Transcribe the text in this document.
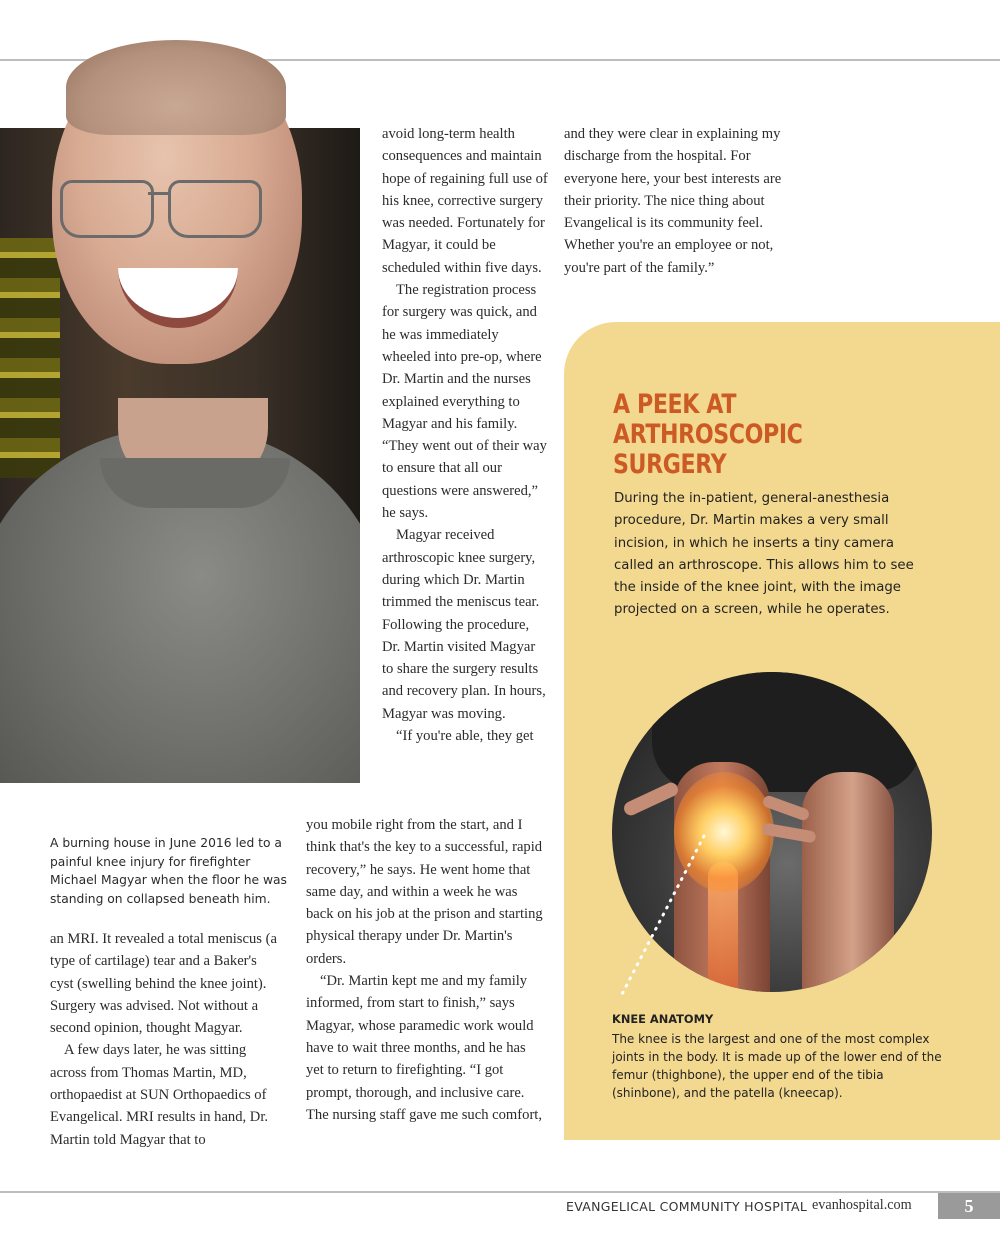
A burning house in June 2016 led to a painful knee injury for firefighter Michael Magyar when the floor he was standing on collapsed beneath him.

an MRI. It revealed a total meniscus (a type of cartilage) tear and a Baker's cyst (swelling behind the knee joint). Surgery was advised. Not without a second opinion, thought Magyar.

A few days later, he was sitting across from Thomas Martin, MD, orthopaedist at SUN Orthopaedics of Evangelical. MRI results in hand, Dr. Martin told Magyar that to

avoid long-term health consequences and maintain hope of regaining full use of his knee, corrective surgery was needed. Fortunately for Magyar, it could be scheduled within five days.

The registration process for surgery was quick, and he was immediately wheeled into pre-op, where Dr. Martin and the nurses explained everything to Magyar and his family. “They went out of their way to ensure that all our questions were answered,” he says.

Magyar received arthroscopic knee surgery, during which Dr. Martin trimmed the meniscus tear. Following the procedure, Dr. Martin visited Magyar to share the surgery results and recovery plan. In hours, Magyar was moving.

“If you're able, they get

you mobile right from the start, and I think that's the key to a successful, rapid recovery,” he says. He went home that same day, and within a week he was back on his job at the prison and starting physical therapy under Dr. Martin's orders.

“Dr. Martin kept me and my family informed, from start to finish,” says Magyar, whose paramedic work would have to wait three months, and he has yet to return to firefighting. “I got prompt, thorough, and inclusive care. The nursing staff gave me such comfort,

and they were clear in explaining my discharge from the hospital. For everyone here, your best interests are their priority. The nice thing about Evangelical is its community feel. Whether you're an employee or not, you're part of the family.”

A PEEK AT ARTHROSCOPIC SURGERY
During the in-patient, general-anesthesia procedure, Dr. Martin makes a very small incision, in which he inserts a tiny camera called an arthroscope. This allows him to see the inside of the knee joint, with the image projected on a screen, while he operates.
KNEE ANATOMY
The knee is the largest and one of the most complex joints in the body. It is made up of the lower end of the femur (thighbone), the upper end of the tibia (shinbone), and the patella (kneecap).
EVANGELICAL COMMUNITY HOSPITAL evanhospital.com	5
